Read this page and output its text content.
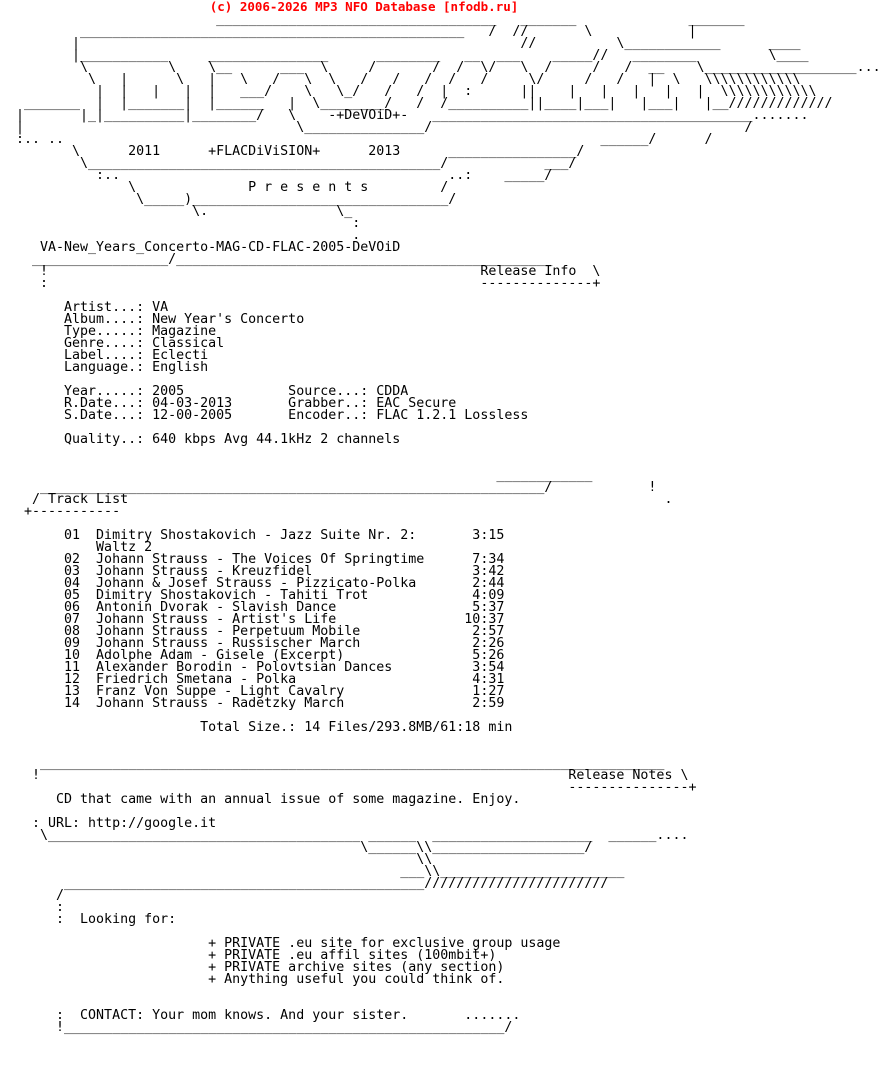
(c) 2006-2026 MP3 NFO Database [nfodb.ru]
___________________________________   _______              _______
________________________________________________   /  //       \            |
|                                                       //          \____________      ____
|___________     _______________      ________   __  ___    _____//   ________         \____
\          \    \__      ___  \     /       /  /  \/   \  /     /   /  __    \___________________...
\   |      \   |   \   /   \  \   /   /   /  /   /     \/     /   /   |  \   \\\\\\\\\\\\
|  |   |   |  |   ___/    \   \_/   /   /  |  :      ||    |   |   |   |   |  \\\\\\\\\\\\
_______  |  |_______|  |______   |  \________/   /  /__________||____|___|   |___|   |__/////////////
|       |_|__________|________/   \    -+DeVOiD+-   ________________________________________.......
|                                  \_______________/                                       /
:.. ..                                                                   ______/      /
\      2011      +FLACDiViSION+      2013      ________________/
\____________________________________________/            ___/
:..                                         ..:    _____/
\              P r e s e n t s         /
\_____)________________________________/
\.                \_
:
.
VA-New_Years_Concerto-MAG-CD-FLAC-2005-DeVOiD
_________________/_______________________________________________
!                                                      Release Info  \
:                                                      --------------+

Artist...: VA
Album....: New Year's Concerto
Type.....: Magazine
Genre....: Classical
Label....: Eclecti
Language.: English

Year.....: 2005             Source...: CDDA
R.Date...: 04-03-2013       Grabber..: EAC Secure
S.Date...: 12-00-2005       Encoder..: FLAC 1.2.1 Lossless

Quality..: 640 kbps Avg 44.1kHz 2 channels

____________
_______________________________________________________________/            !
/ Track List                                                                   .
+-----------

01  Dimitry Shostakovich - Jazz Suite Nr. 2:       3:15
Waltz 2
02  Johann Strauss - The Voices Of Springtime      7:34
03  Johann Strauss - Kreuzfidel                    3:42
04  Johann & Josef Strauss - Pizzicato-Polka       2:44
05  Dimitry Shostakovich - Tahiti Trot             4:09
06  Antonin Dvorak - Slavish Dance                 5:37
07  Johann Strauss - Artist's Life                10:37
08  Johann Strauss - Perpetuum Mobile              2:57
09  Johann Strauss - Russischer March              2:26
10  Adolphe Adam - Gisele (Excerpt)                5:26
11  Alexander Borodin - Polovtsian Dances          3:54
12  Friedrich Smetana - Polka                      4:31
13  Franz Von Suppe - Light Cavalry                1:27
14  Johann Strauss - Radetzky March                2:59

Total Size.: 14 Files/293.8MB/61:18 min

______________________________________________________________________________
!                                                                  Release Notes \
---------------+
CD that came with an annual issue of some magazine. Enjoy.

: URL: http://google.it
\_______________________________________ ______  ____________________  ______....
\______\\___________________/
\\
___\\_______________________
_____________________________________________///////////////////////
/
:
:  Looking for:

+ PRIVATE .eu site for exclusive group usage
+ PRIVATE .eu affil sites (100mbit+)
+ PRIVATE archive sites (any section)
+ Anything useful you could think of.

:  CONTACT: Your mom knows. And your sister.       .......
!_______________________________________________________/
